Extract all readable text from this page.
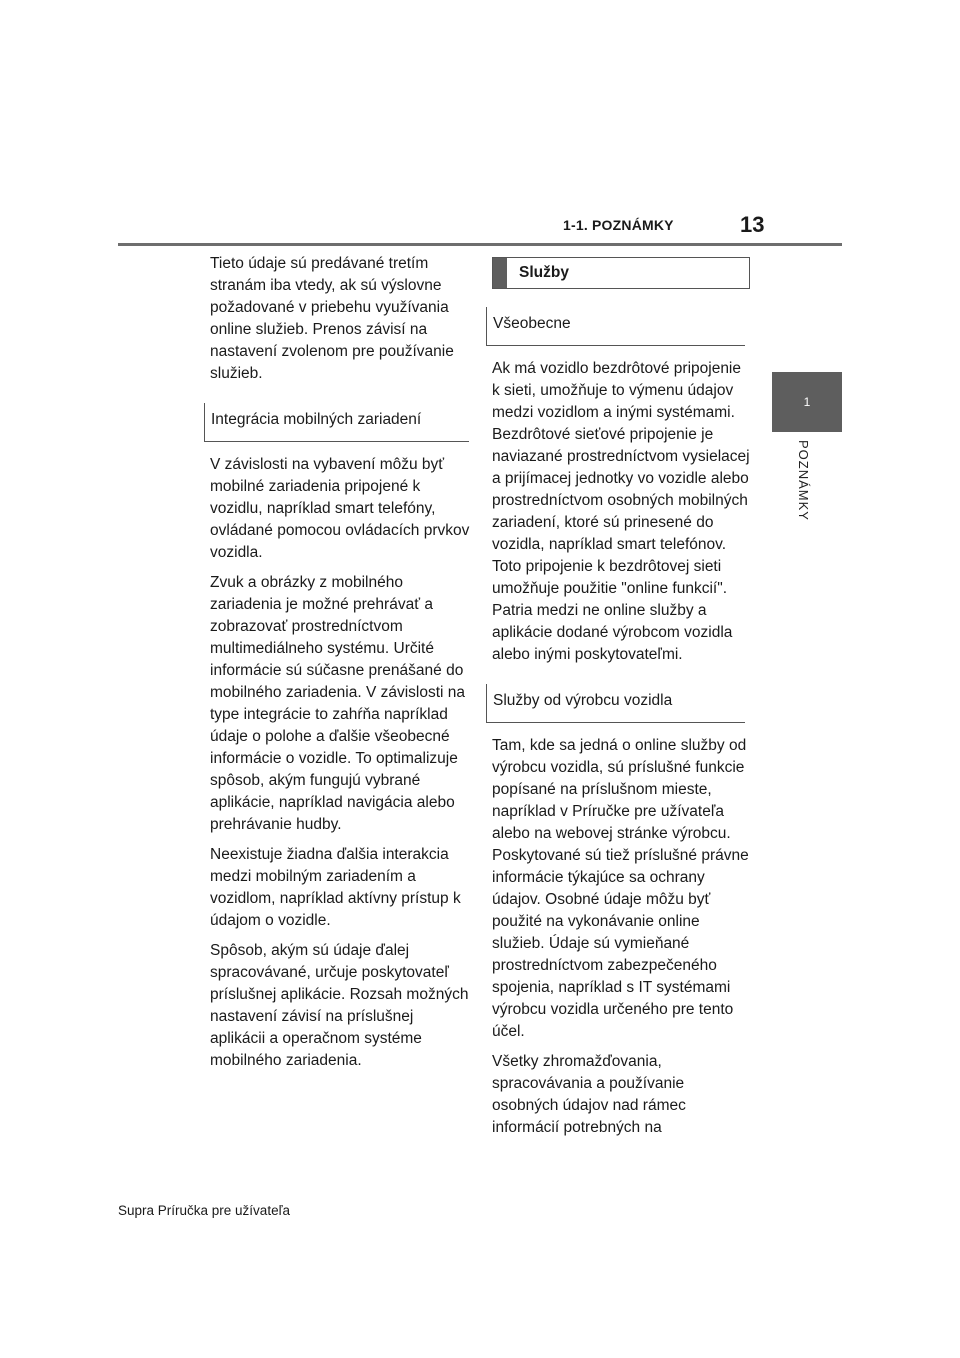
1-1. POZNÁMKY	13
1
POZNÁMKY

Tieto údaje sú predávané tretím stranám iba vtedy, ak sú výslovne požadované v priebehu využívania online služieb. Prenos závisí na nastavení zvolenom pre používanie služieb.

Integrácia mobilných zariadení

V závislosti na vybavení môžu byť mobilné zariadenia pripojené k vozidlu, napríklad smart telefóny, ovládané pomocou ovládacích prvkov vozidla.

Zvuk a obrázky z mobilného zariadenia je možné prehrávať a zobrazovať prostredníctvom multimediálneho systému. Určité informácie sú súčasne prenášané do mobilného zariadenia. V závislosti na type integrácie to zahŕňa napríklad údaje o polohe a ďalšie všeobecné informácie o vozidle. To optimalizuje spôsob, akým fungujú vybrané aplikácie, napríklad navigácia alebo prehrávanie hudby.

Neexistuje žiadna ďalšia interakcia medzi mobilným zariadením a vozidlom, napríklad aktívny prístup k údajom o vozidle.

Spôsob, akým sú údaje ďalej spracovávané, určuje poskytovateľ príslušnej aplikácie. Rozsah možných nastavení závisí na príslušnej aplikácii a operačnom systéme mobilného zariadenia.

Služby
Všeobecne

Ak má vozidlo bezdrôtové pripojenie k sieti, umožňuje to výmenu údajov medzi vozidlom a inými systémami. Bezdrôtové sieťové pripojenie je naviazané prostredníctvom vysielacej a prijímacej jednotky vo vozidle alebo prostredníctvom osobných mobilných zariadení, ktoré sú prinesené do vozidla, napríklad smart telefónov. Toto pripojenie k bezdrôtovej sieti umožňuje použitie "online funkcií". Patria medzi ne online služby a aplikácie dodané výrobcom vozidla alebo inými poskytovateľmi.

Služby od výrobcu vozidla

Tam, kde sa jedná o online služby od výrobcu vozidla, sú príslušné funkcie popísané na príslušnom mieste, napríklad v Príručke pre užívateľa alebo na webovej stránke výrobcu. Poskytované sú tiež príslušné právne informácie týkajúce sa ochrany údajov. Osobné údaje môžu byť použité na vykonávanie online služieb. Údaje sú vymieňané prostredníctvom zabezpečeného spojenia, napríklad s IT systémami výrobcu vozidla určeného pre tento účel.

Všetky zhromažďovania, spracovávania a používanie osobných údajov nad rámec informácií potrebných na

Supra Príručka pre užívateľa
